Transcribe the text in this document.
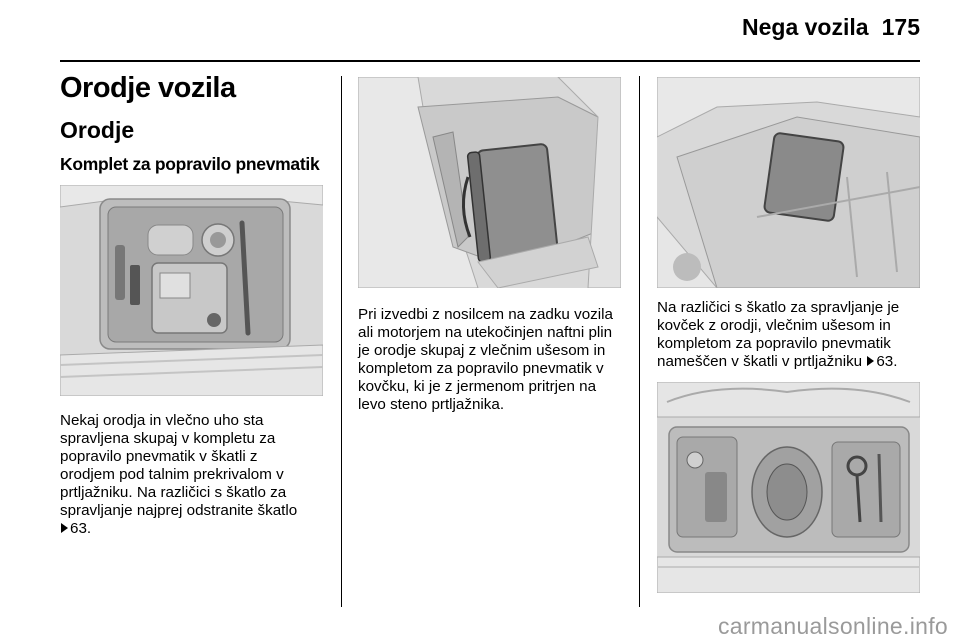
Nega vozila 175
Orodje vozila
Orodje
Komplet za popravilo pnevmatik
Nekaj orodja in vlečno uho sta
spravljena skupaj v kompletu za
popravilo pnevmatik v škatli z
orodjem pod talnim prekrivalom v
prtljažniku. Na različici s škatlo za
spravljanje najprej odstranite škatlo
63.
Pri izvedbi z nosilcem na zadku vozila
ali motorjem na utekočinjen naftni plin
je orodje skupaj z vlečnim ušesom in
kompletom za popravilo pnevmatik v
kovčku, ki je z jermenom pritrjen na
levo steno prtljažnika.
Na različici s škatlo za spravljanje je
kovček z orodji, vlečnim ušesom in
kompletom za popravilo pnevmatik
nameščen v škatli v prtljažniku 63.
carmanualsonline.info
